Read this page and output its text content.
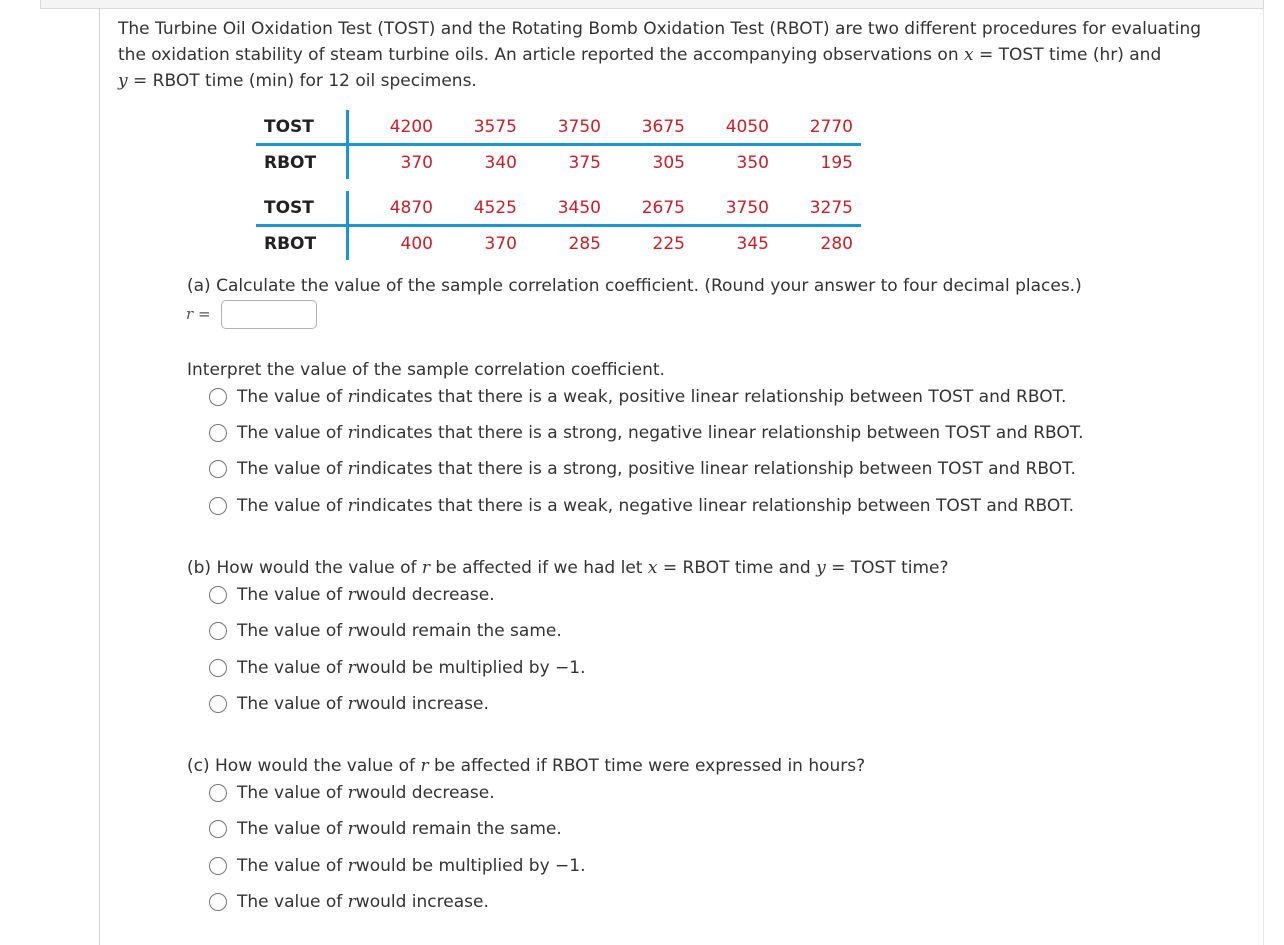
The Turbine Oil Oxidation Test (TOST) and the Rotating Bomb Oxidation Test (RBOT) are two different procedures for evaluating
the oxidation stability of steam turbine oils. An article reported the accompanying observations on x = TOST time (hr) and
y = RBOT time (min) for 12 oil specimens.
TOST	4200	3575	3750	3675	4050	2770
RBOT	370	340	375	305	350	195
TOST	4870	4525	3450	2675	3750	3275
RBOT	400	370	285	225	345	280
(a) Calculate the value of the sample correlation coefficient. (Round your answer to four decimal places.)
r =
Interpret the value of the sample correlation coefficient.
The value of
r indicates that there is a weak, positive linear relationship between TOST and RBOT.
The value of
r indicates that there is a strong, negative linear relationship between TOST and RBOT.
The value of
r indicates that there is a strong, positive linear relationship between TOST and RBOT.
The value of
r indicates that there is a weak, negative linear relationship between TOST and RBOT.
(b) How would the value of r be affected if we had let x = RBOT time and y = TOST time?
The value of
r would decrease.
The value of
r would remain the same.
The value of
r would be multiplied by −1.
The value of
r would increase.
(c) How would the value of r be affected if RBOT time were expressed in hours?
The value of
r would decrease.
The value of
r would remain the same.
The value of
r would be multiplied by −1.
The value of
r would increase.
